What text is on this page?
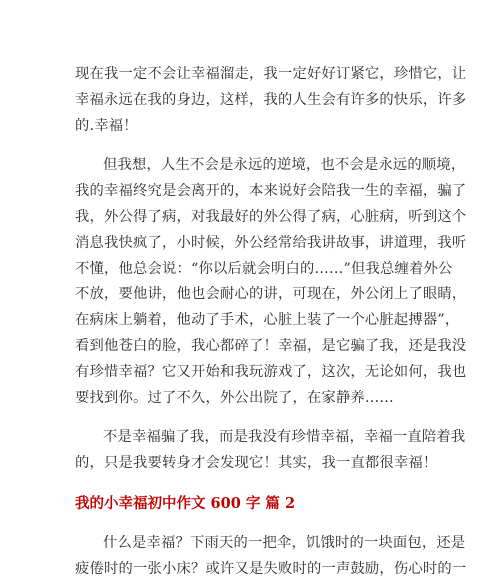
现在我一定不会让幸福溜走，我一定好好订紧它，珍惜它，让
幸福永远在我的身边，这样，我的人生会有许多的快乐，许多
的.幸福！
但我想，人生不会是永远的逆境，也不会是永远的顺境，
我的幸福终究是会离开的，本来说好会陪我一生的幸福，骗了
我，外公得了病，对我最好的外公得了病，心脏病，听到这个
消息我快疯了，小时候，外公经常给我讲故事，讲道理，我听
不懂，他总会说：“你以后就会明白的……”但我总缠着外公
不放，要他讲，他也会耐心的讲，可现在，外公闭上了眼睛，
在病床上躺着，他动了手术，心脏上装了一个心脏起搏器”，
看到他苍白的脸，我心都碎了！幸福，是它骗了我，还是我没
有珍惜幸福？它又开始和我玩游戏了，这次，无论如何，我也
要找到你。过了不久，外公出院了，在家静养……
不是幸福骗了我，而是我没有珍惜幸福，幸福一直陪着我
的，只是我要转身才会发现它！其实，我一直都很幸福！
我的小幸福初中作文 600 字 篇 2
什么是幸福？下雨天的一把伞，饥饿时的一块面包，还是
疲倦时的一张小床？或许又是失败时的一声鼓励，伤心时的一
